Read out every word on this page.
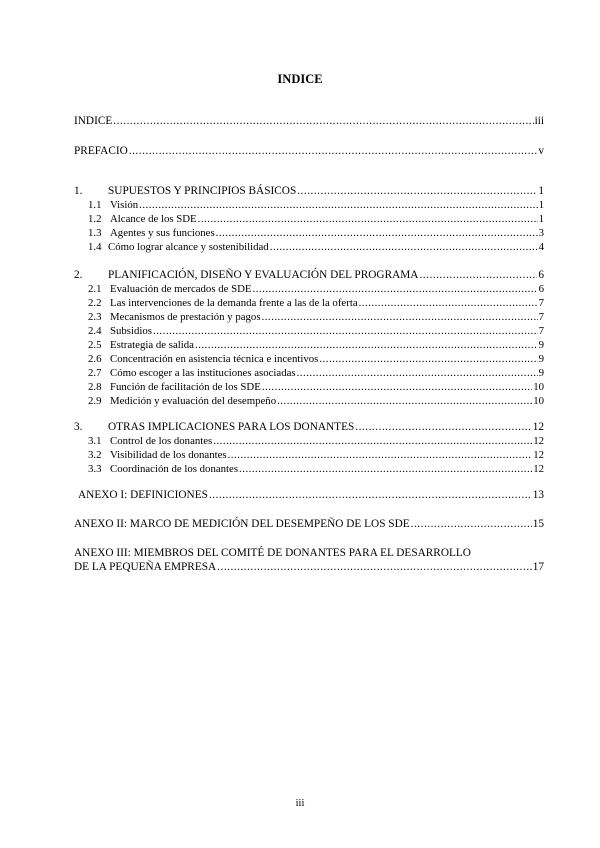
INDICE
INDICE .....	iii
PREFACIO .....	v
1.	SUPUESTOS Y PRINCIPIOS BÁSICOS .....	1
1.1 Visión .....	1
1.2 Alcance de los SDE .....	1
1.3 Agentes y sus funciones .....	3
1.4 Cómo lograr alcance y sostenibilidad .....	4
2.	PLANIFICACIÓN, DISEÑO Y EVALUACIÓN DEL PROGRAMA .....	6
2.1 Evaluación de mercados de SDE .....	6
2.2 Las intervenciones de la demanda frente a las de la oferta .....	7
2.3 Mecanismos de prestación y pagos .....	7
2.4 Subsidios .....	7
2.5 Estrategia de salida .....	9
2.6 Concentración en asistencia técnica e incentivos .....	9
2.7 Cómo escoger a las instituciones asociadas .....	9
2.8 Función de facilitación de los SDE .....	10
2.9 Medición y evaluación del desempeño .....	10
3.	OTRAS IMPLICACIONES PARA LOS DONANTES .....	12
3.1 Control de los donantes .....	12
3.2 Visibilidad de los donantes .....	12
3.3 Coordinación de los donantes .....	12
ANEXO I: DEFINICIONES .....	13
ANEXO II: MARCO DE MEDICIÓN DEL DESEMPEÑO DE LOS SDE .....	15
ANEXO III: MIEMBROS DEL COMITÉ DE DONANTES PARA EL DESARROLLO
DE LA PEQUEÑA EMPRESA .....	17
iii
